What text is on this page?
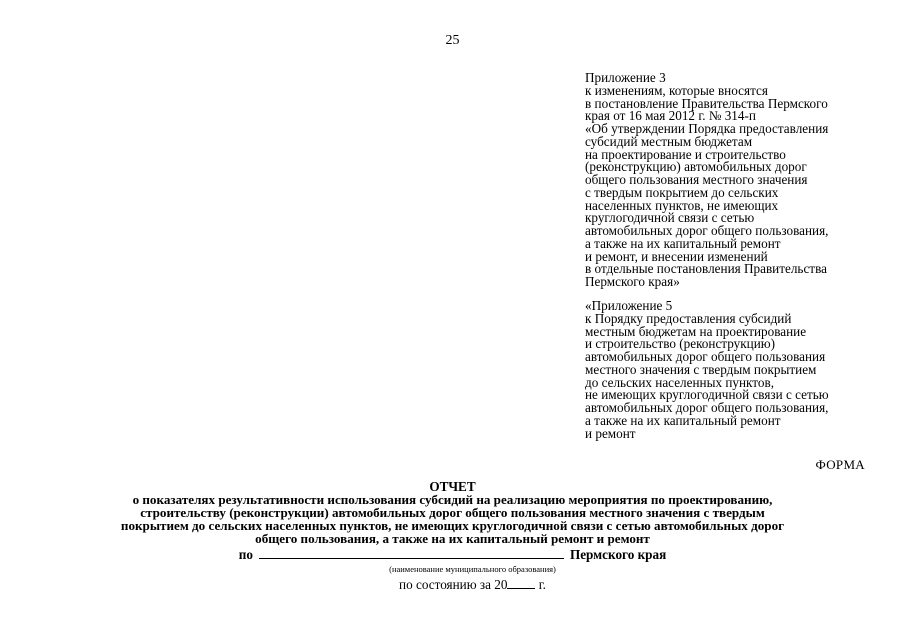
25
Приложение 3
к изменениям, которые вносятся
в постановление Правительства Пермского
края от 16 мая 2012 г. № 314-п
«Об утверждении Порядка предоставления
субсидий местным бюджетам
на проектирование и строительство
(реконструкцию) автомобильных дорог
общего пользования местного значения
с твердым покрытием до сельских
населенных пунктов, не имеющих
круглогодичной связи с сетью
автомобильных дорог общего пользования,
а также на их капитальный ремонт
и ремонт, и внесении изменений
в отдельные постановления Правительства
Пермского края»
«Приложение 5
к Порядку предоставления субсидий
местным бюджетам на проектирование
и строительство (реконструкцию)
автомобильных дорог общего пользования
местного значения с твердым покрытием
до сельских населенных пунктов,
не имеющих круглогодичной связи с сетью
автомобильных дорог общего пользования,
а также на их капитальный ремонт
и ремонт
ФОРМА
ОТЧЕТ
о показателях результативности использования субсидий на реализацию мероприятия по проектированию,
строительству (реконструкции) автомобильных дорог общего пользования местного значения с твердым
покрытием до сельских населенных пунктов, не имеющих круглогодичной связи с сетью автомобильных дорог
общего пользования, а также на их капитальный ремонт и ремонт
по	Пермского края
(наименование муниципального образования)
по состоянию за 20 г.
